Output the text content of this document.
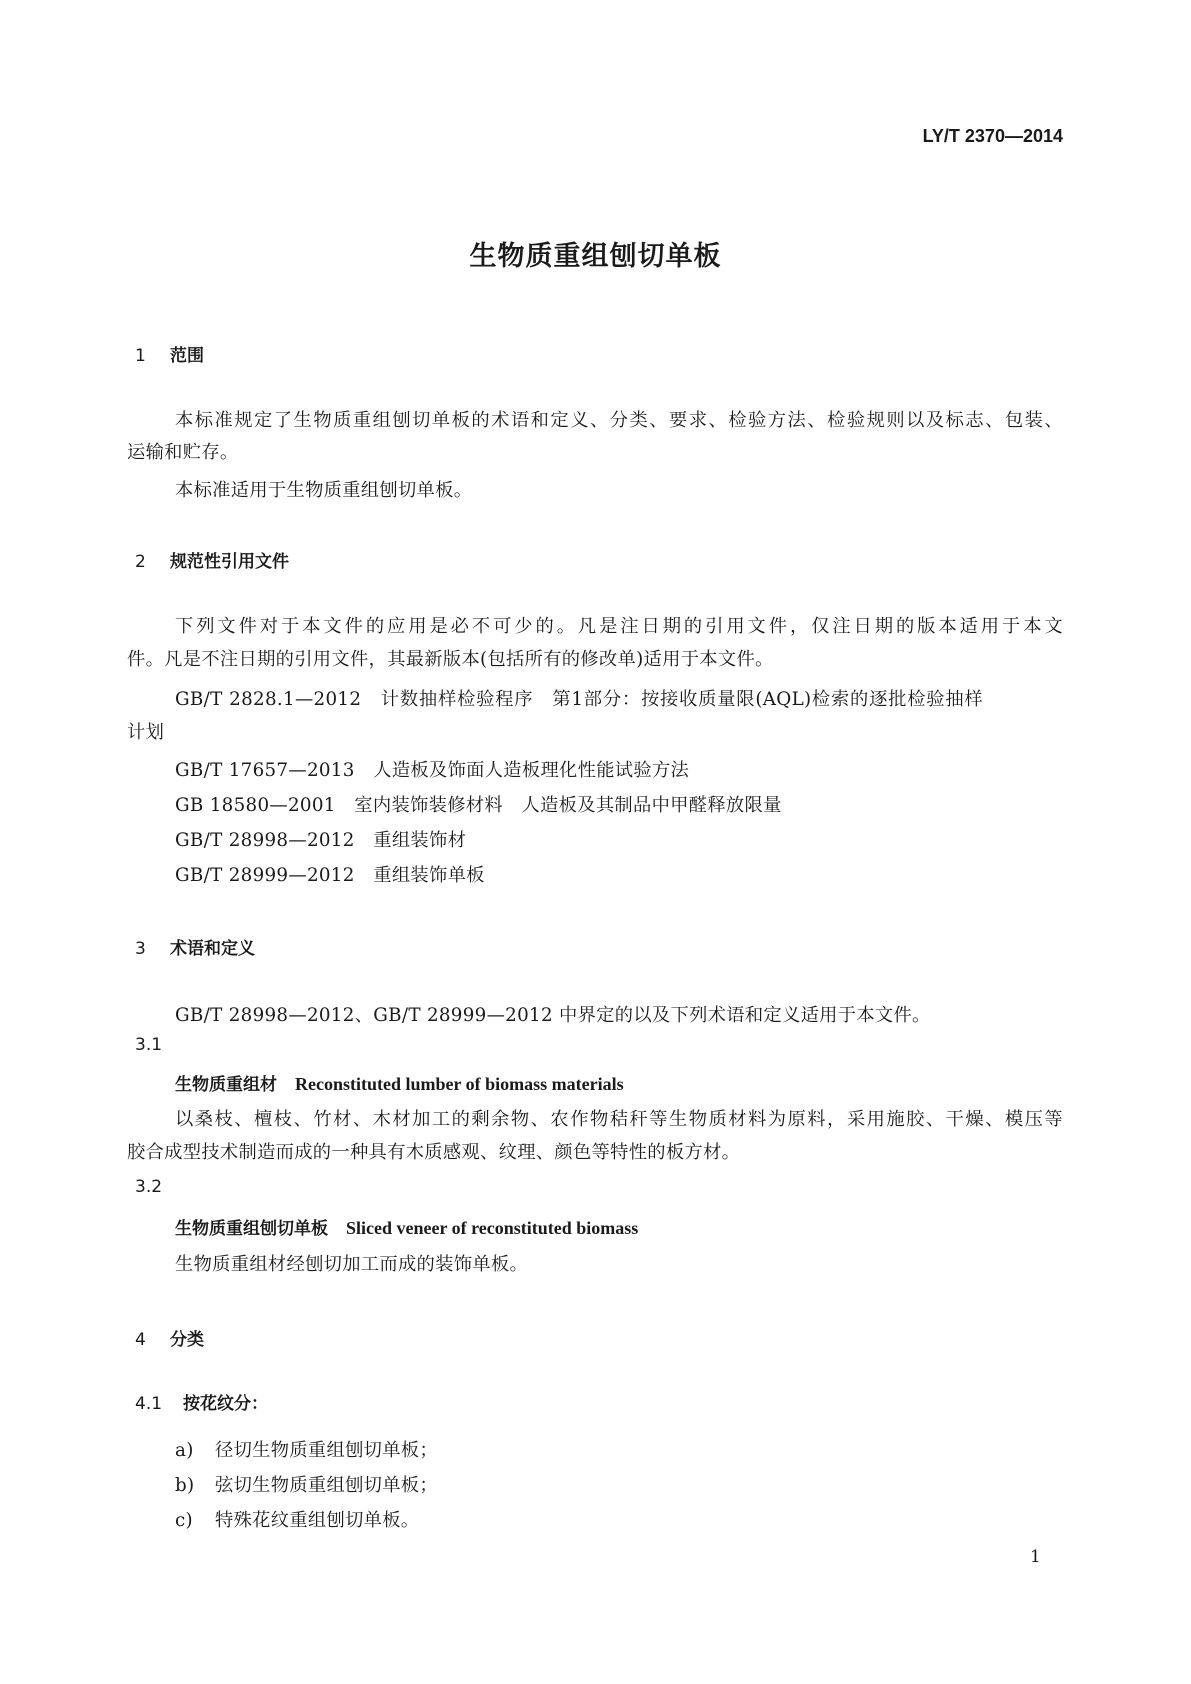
LY/T 2370—2014
生物质重组刨切单板
1 范围
本标准规定了生物质重组刨切单板的术语和定义、分类、要求、检验方法、检验规则以及标志、包装、
运输和贮存。
本标准适用于生物质重组刨切单板。
2 规范性引用文件
下列文件对于本文件的应用是必不可少的。凡是注日期的引用文件，仅注日期的版本适用于本文
件。凡是不注日期的引用文件，其最新版本(包括所有的修改单)适用于本文件。
GB/T 2828.1—2012　计数抽样检验程序　第1部分：按接收质量限(AQL)检索的逐批检验抽样
计划
GB/T 17657—2013　人造板及饰面人造板理化性能试验方法
GB 18580—2001　室内装饰装修材料　人造板及其制品中甲醛释放限量
GB/T 28998—2012　重组装饰材
GB/T 28999—2012　重组装饰单板
3 术语和定义
GB/T 28998—2012、GB/T 28999—2012 中界定的以及下列术语和定义适用于本文件。
3.1
生物质重组材 Reconstituted lumber of biomass materials
以桑枝、檀枝、竹材、木材加工的剩余物、农作物秸秆等生物质材料为原料，采用施胶、干燥、模压等
胶合成型技术制造而成的一种具有木质感观、纹理、颜色等特性的板方材。
3.2
生物质重组刨切单板 Sliced veneer of reconstituted biomass
生物质重组材经刨切加工而成的装饰单板。
4 分类
4.1 按花纹分：
a) 径切生物质重组刨切单板；
b) 弦切生物质重组刨切单板；
c) 特殊花纹重组刨切单板。
1
